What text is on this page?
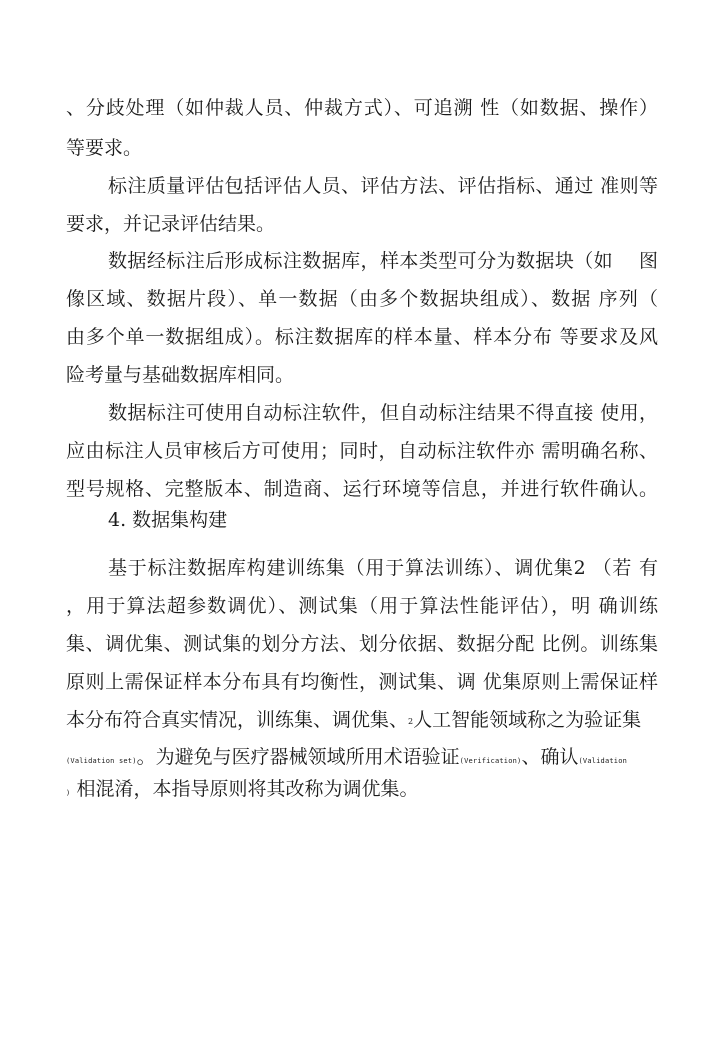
、分歧处理（如仲裁人员、仲裁方式）、可追溯 性（如数据、操作）
等要求。
标注质量评估包括评估人员、评估方法、评估指标、通过 准则等
要求，并记录评估结果。
数据经标注后形成标注数据库，样本类型可分为数据块（如　 图
像区域、数据片段）、单一数据（由多个数据块组成）、数据 序列（
由多个单一数据组成）。标注数据库的样本量、样本分布 等要求及风
险考量与基础数据库相同。
数据标注可使用自动标注软件，但自动标注结果不得直接 使用，
应由标注人员审核后方可使用；同时，自动标注软件亦 需明确名称、
型号规格、完整版本、制造商、运行环境等信息，并进行软件确认。
4. 数据集构建
基于标注数据库构建训练集（用于算法训练）、调优集2 （若 有
，用于算法超参数调优）、测试集（用于算法性能评估），明 确训练
集、调优集、测试集的划分方法、划分依据、数据分配 比例。训练集
原则上需保证样本分布具有均衡性，测试集、调 优集原则上需保证样
本分布符合真实情况，训练集、调优集、$^2$人工智能领域称之为验证集
(Validation set)。为避免与医疗器械领域所用术语验证(Verification)、确认(Validation
) 相混淆，本指导原则将其改称为调优集。
